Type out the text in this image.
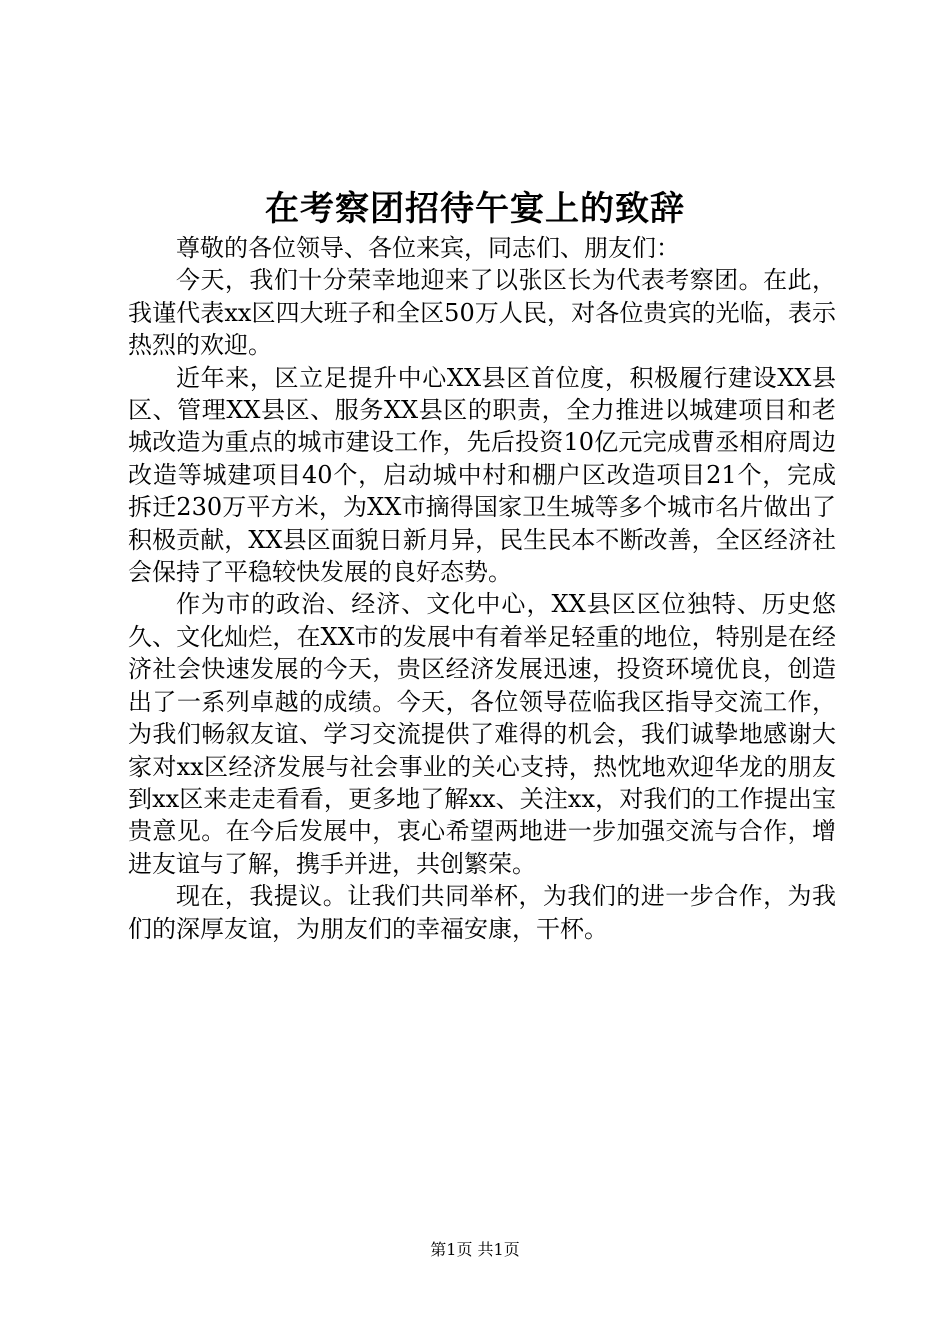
在考察团招待午宴上的致辞

尊敬的各位领导、各位来宾，同志们、朋友们：

今天，我们十分荣幸地迎来了以张区长为代表考察团。在此，我谨代表xx区四大班子和全区50万人民，对各位贵宾的光临，表示热烈的欢迎。

近年来，区立足提升中心XX县区首位度，积极履行建设XX县区、管理XX县区、服务XX县区的职责，全力推进以城建项目和老城改造为重点的城市建设工作，先后投资10亿元完成曹丞相府周边改造等城建项目40个，启动城中村和棚户区改造项目21个，完成拆迁230万平方米，为XX市摘得国家卫生城等多个城市名片做出了积极贡献，XX县区面貌日新月异，民生民本不断改善，全区经济社会保持了平稳较快发展的良好态势。

作为市的政治、经济、文化中心，XX县区区位独特、历史悠久、文化灿烂，在XX市的发展中有着举足轻重的地位，特别是在经济社会快速发展的今天，贵区经济发展迅速，投资环境优良，创造出了一系列卓越的成绩。今天，各位领导莅临我区指导交流工作，为我们畅叙友谊、学习交流提供了难得的机会，我们诚挚地感谢大家对xx区经济发展与社会事业的关心支持，热忱地欢迎华龙的朋友到xx区来走走看看，更多地了解xx、关注xx，对我们的工作提出宝贵意见。在今后发展中，衷心希望两地进一步加强交流与合作，增进友谊与了解，携手并进，共创繁荣。

现在，我提议。让我们共同举杯，为我们的进一步合作，为我们的深厚友谊，为朋友们的幸福安康，干杯。

第1页 共1页
